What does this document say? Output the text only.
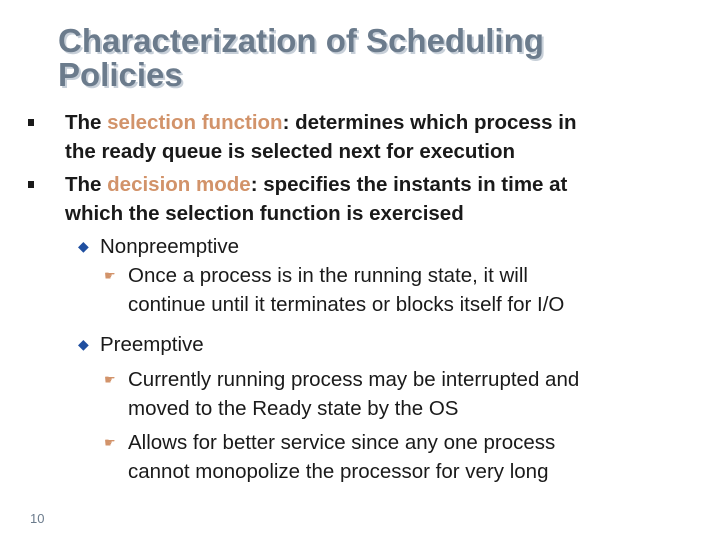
Characterization of Scheduling
Policies
The selection function: determines which process in
the ready queue is selected next for execution
The decision mode: specifies the instants in time at
which the selection function is exercised
◆ Nonpreemptive
☛ Once a process is in the running state, it will
continue until it terminates or blocks itself for I/O
◆ Preemptive
☛ Currently running process may be interrupted and
moved to the Ready state by the OS
☛ Allows for better service since any one process
cannot monopolize the processor for very long
10
